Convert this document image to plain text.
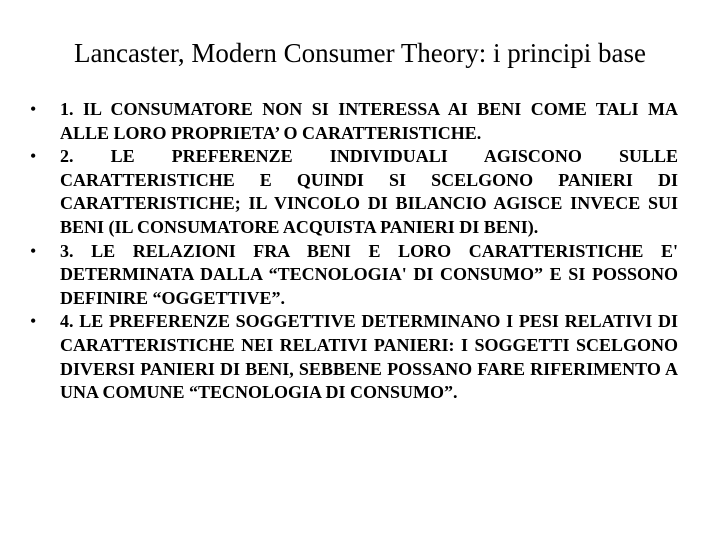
Lancaster, Modern Consumer Theory: i principi base
•	1. IL CONSUMATORE NON SI INTERESSA AI BENI COME TALI MA ALLE LORO PROPRIETA’ O CARATTERISTICHE.
•	2. LE PREFERENZE INDIVIDUALI AGISCONO SULLE CARATTERISTICHE E QUINDI SI SCELGONO PANIERI DI CARATTERISTICHE; IL VINCOLO DI BILANCIO AGISCE INVECE SUI BENI (IL CONSUMATORE ACQUISTA PANIERI DI BENI).
•	3. LE RELAZIONI FRA BENI E LORO CARATTERISTICHE E' DETERMINATA DALLA “TECNOLOGIA' DI CONSUMO” E SI POSSONO DEFINIRE “OGGETTIVE”.
•	4. LE PREFERENZE SOGGETTIVE DETERMINANO I PESI RELATIVI DI CARATTERISTICHE NEI RELATIVI PANIERI: I SOGGETTI SCELGONO DIVERSI PANIERI DI BENI, SEBBENE POSSANO FARE RIFERIMENTO A UNA COMUNE “TECNOLOGIA DI CONSUMO”.
